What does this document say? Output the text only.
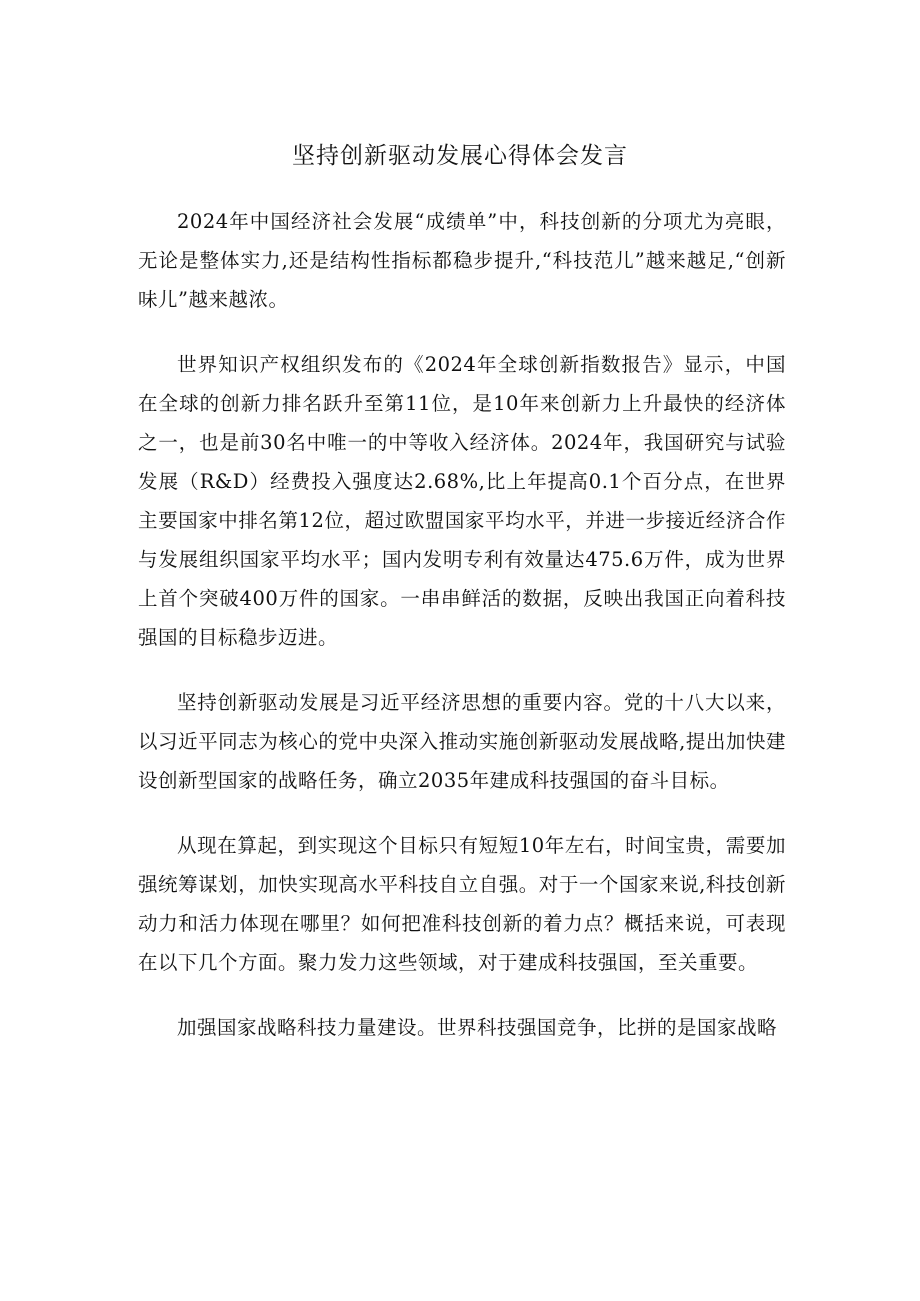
坚持创新驱动发展心得体会发言

2024年中国经济社会发展“成绩单”中，科技创新的分项尤为亮眼，无论是整体实力,还是结构性指标都稳步提升,“科技范儿”越来越足,“创新味儿”越来越浓。

世界知识产权组织发布的《2024年全球创新指数报告》显示，中国在全球的创新力排名跃升至第11位，是10年来创新力上升最快的经济体之一，也是前30名中唯一的中等收入经济体。2024年，我国研究与试验发展（R&D）经费投入强度达2.68%,比上年提高0.1个百分点，在世界主要国家中排名第12位，超过欧盟国家平均水平，并进一步接近经济合作与发展组织国家平均水平；国内发明专利有效量达475.6万件，成为世界上首个突破400万件的国家。一串串鲜活的数据，反映出我国正向着科技强国的目标稳步迈进。

坚持创新驱动发展是习近平经济思想的重要内容。党的十八大以来，以习近平同志为核心的党中央深入推动实施创新驱动发展战略,提出加快建设创新型国家的战略任务，确立2035年建成科技强国的奋斗目标。

从现在算起，到实现这个目标只有短短10年左右，时间宝贵，需要加强统筹谋划，加快实现高水平科技自立自强。对于一个国家来说,科技创新动力和活力体现在哪里？如何把准科技创新的着力点？概括来说，可表现在以下几个方面。聚力发力这些领域，对于建成科技强国，至关重要。

加强国家战略科技力量建设。世界科技强国竞争，比拼的是国家战略
